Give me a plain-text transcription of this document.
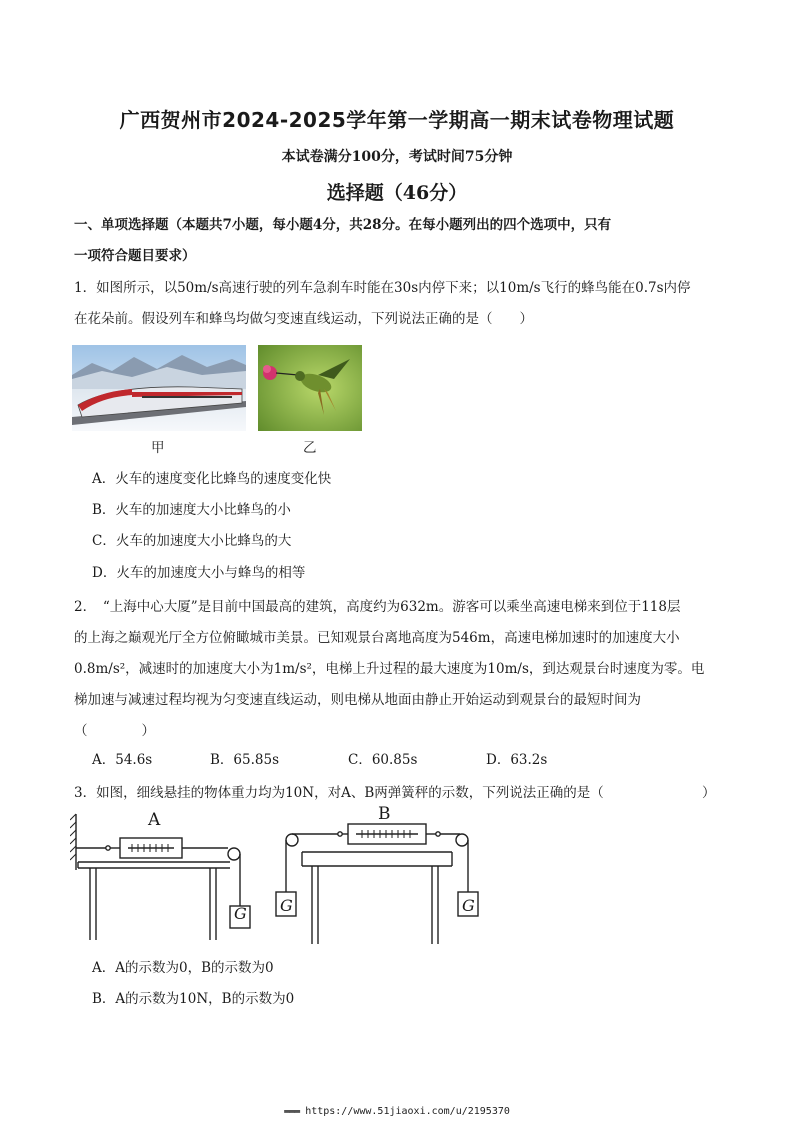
广西贺州市2024-2025学年第一学期高一期末试卷物理试题
本试卷满分100分，考试时间75分钟
选择题（46分）
一、单项选择题（本题共7小题，每小题4分，共28分。在每小题列出的四个选项中，只有
一项符合题目要求）
1．如图所示，以50m/s高速行驶的列车急刹车时能在30s内停下来；以10m/s飞行的蜂鸟能在0.7s内停
在花朵前。假设列车和蜂鸟均做匀变速直线运动，下列说法正确的是（　　）
甲	乙
A．火车的速度变化比蜂鸟的速度变化快
B．火车的加速度大小比蜂鸟的小
C．火车的加速度大小比蜂鸟的大
D．火车的加速度大小与蜂鸟的相等
2．　“上海中心大厦”是目前中国最高的建筑，高度约为632m。游客可以乘坐高速电梯来到位于118层
的上海之巅观光厅全方位俯瞰城市美景。已知观景台离地高度为546m，高速电梯加速时的加速度大小
0.8m/s²，减速时的加速度大小为1m/s²，电梯上升过程的最大速度为10m/s，到达观景台时速度为零。电
梯加速与减速过程均视为匀变速直线运动，则电梯从地面由静止开始运动到观景台的最短时间为
（　　　　）
A．54.6s	B．65.85s	C．60.85s	D．63.2s
3．如图，细线悬挂的物体重力均为10N，对A、B两弹簧秤的示数，下列说法正确的是（	）
A
G
B
G	G
A．A的示数为0，B的示数为0
B．A的示数为10N，B的示数为0
▬▬▬ https://www.51jiaoxi.com/u/2195370
